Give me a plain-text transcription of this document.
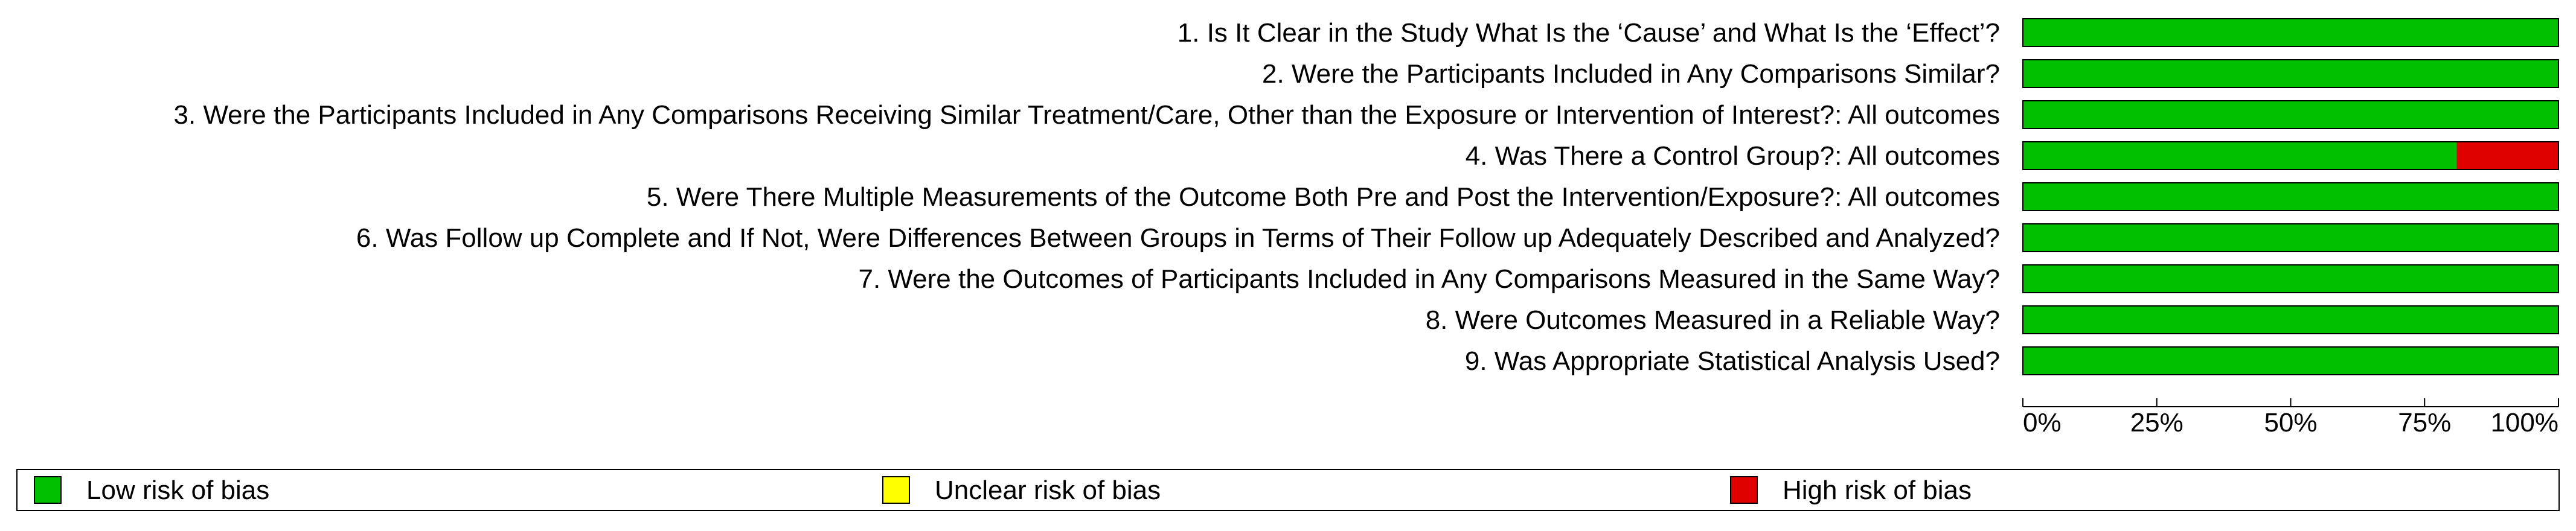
1. Is It Clear in the Study What Is the ‘Cause’ and What Is the ‘Effect’?
2. Were the Participants Included in Any Comparisons Similar?
3. Were the Participants Included in Any Comparisons Receiving Similar Treatment/Care, Other than the Exposure or Intervention of Interest?: All outcomes
4. Was There a Control Group?: All outcomes
5. Were There Multiple Measurements of the Outcome Both Pre and Post the Intervention/Exposure?: All outcomes
6. Was Follow up Complete and If Not, Were Differences Between Groups in Terms of Their Follow up Adequately Described and Analyzed?
7. Were the Outcomes of Participants Included in Any Comparisons Measured in the Same Way?
8. Were Outcomes Measured in a Reliable Way?
9. Was Appropriate Statistical Analysis Used?
0%	25%	50%	75% 100%
Low risk of bias	Unclear risk of bias	High risk of bias
